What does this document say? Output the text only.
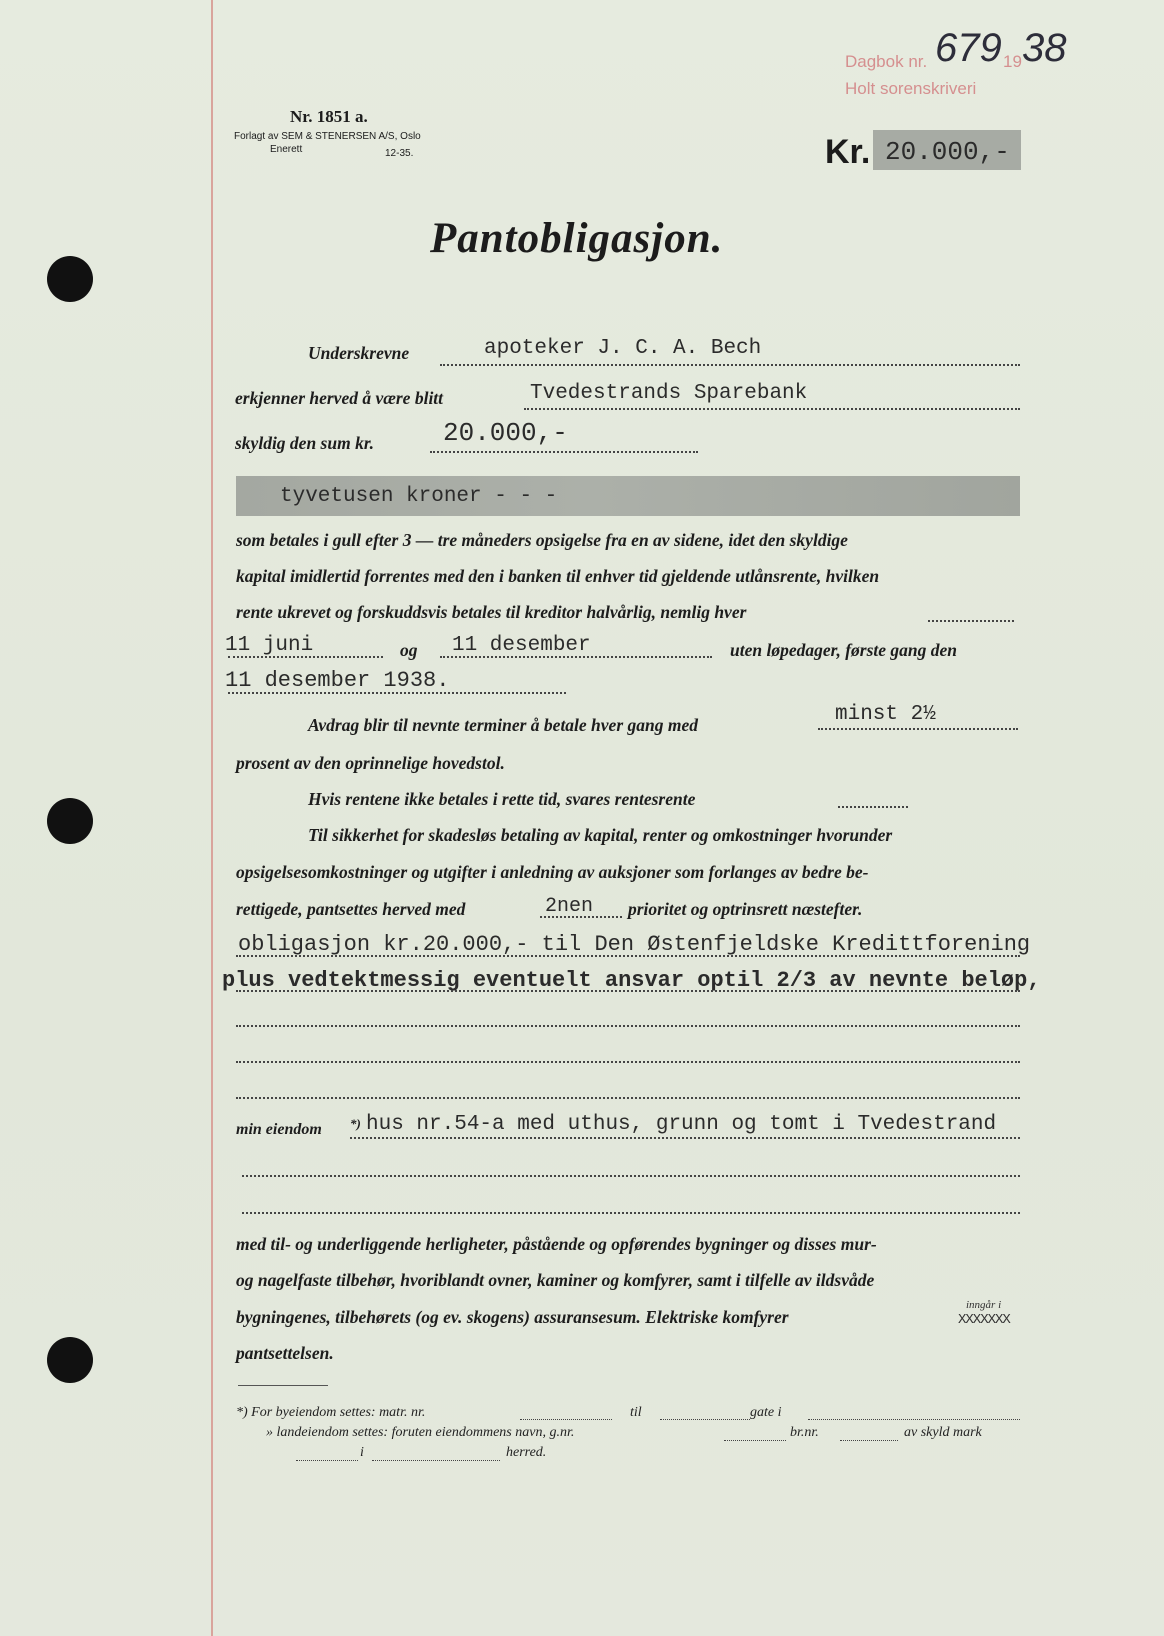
Dagbok nr. 679 19 38
Holt sorenskriveri
Nr. 1851 a.
Forlagt av SEM & STENERSEN A/S, Oslo
Enerett	12-35.	Kr. 20.000,-
Pantobligasjon.
Underskrevne	apoteker J. C. A. Bech
erkjenner herved å være blitt	Tvedestrands Sparebank
skyldig den sum kr.	20.000,-
tyvetusen kroner - - -
som betales i gull efter 3 — tre måneders opsigelse fra en av sidene, idet den skyldige
kapital imidlertid forrentes med den i banken til enhver tid gjeldende utlånsrente, hvilken
rente ukrevet og forskuddsvis betales til kreditor halvårlig, nemlig hver
11 juni	og 11 desember	uten løpedager, første gang den
11 desember 1938.
Avdrag blir til nevnte terminer å betale hver gang med	minst 2½
prosent av den oprinnelige hovedstol.
Hvis rentene ikke betales i rette tid, svares rentesrente
Til sikkerhet for skadesløs betaling av kapital, renter og omkostninger hvorunder
opsigelsesomkostninger og utgifter i anledning av auksjoner som forlanges av bedre be-
rettigede, pantsettes herved med	2nen prioritet og optrinsrett næstefter.
obligasjon kr.20.000,- til Den Østenfjeldske Kredittforening
plus vedtektmessig eventuelt ansvar optil 2/3 av nevnte beløp,
min eiendom *) hus nr.54-a med uthus, grunn og tomt i Tvedestrand
med til- og underliggende herligheter, påstående og opførendes bygninger og disses mur-
og nagelfaste tilbehør, hvoriblandt ovner, kaminer og komfyrer, samt i tilfelle av ildsvåde
bygningenes, tilbehørets (og ev. skogens) assuransesum. Elektriske komfyrer
inngår i
XXXXXXX
pantsettelsen.
*) For byeiendom settes: matr. nr.	til	gate i
» landeiendom settes: foruten eiendommens navn, g.nr.	br.nr.	av skyld mark
i	herred.
